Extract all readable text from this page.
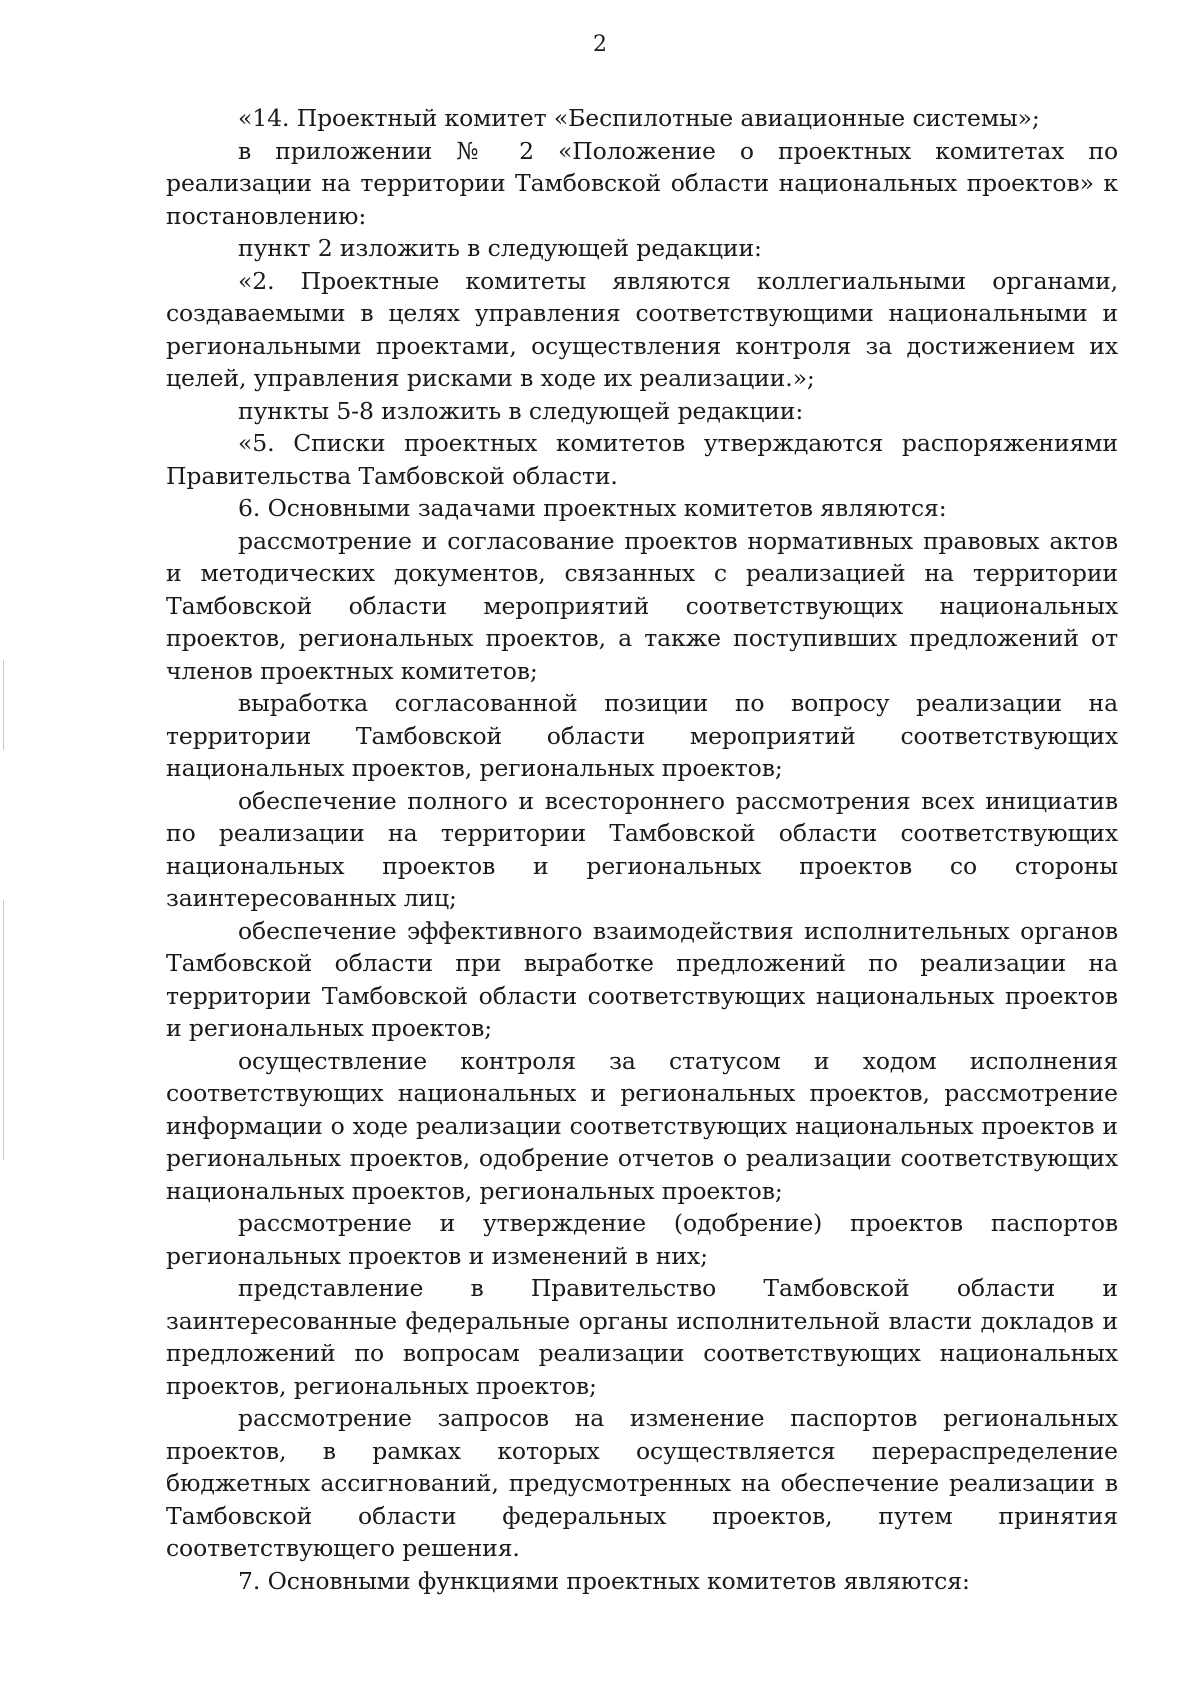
2

«14. Проектный комитет «Беспилотные авиационные системы»;

в приложении № 2 «Положение о проектных комитетах по реализации на территории Тамбовской области национальных проектов» к постановлению:

пункт 2 изложить в следующей редакции:

«2. Проектные комитеты являются коллегиальными органами, создаваемыми в целях управления соответствующими национальными и региональными проектами, осуществления контроля за достижением их целей, управления рисками в ходе их реализации.»;

пункты 5-8 изложить в следующей редакции:

«5. Списки проектных комитетов утверждаются распоряжениями Правительства Тамбовской области.

6. Основными задачами проектных комитетов являются:

рассмотрение и согласование проектов нормативных правовых актов и методических документов, связанных с реализацией на территории Тамбовской области мероприятий соответствующих национальных проектов, региональных проектов, а также поступивших предложений от членов проектных комитетов;

выработка согласованной позиции по вопросу реализации на территории Тамбовской области мероприятий соответствующих национальных проектов, региональных проектов;

обеспечение полного и всестороннего рассмотрения всех инициатив по реализации на территории Тамбовской области соответствующих национальных проектов и региональных проектов со стороны заинтересованных лиц;

обеспечение эффективного взаимодействия исполнительных органов Тамбовской области при выработке предложений по реализации на территории Тамбовской области соответствующих национальных проектов и региональных проектов;

осуществление контроля за статусом и ходом исполнения соответствующих национальных и региональных проектов, рассмотрение информации о ходе реализации соответствующих национальных проектов и региональных проектов, одобрение отчетов о реализации соответствующих национальных проектов, региональных проектов;

рассмотрение и утверждение (одобрение) проектов паспортов региональных проектов и изменений в них;

представление в Правительство Тамбовской области и заинтересованные федеральные органы исполнительной власти докладов и предложений по вопросам реализации соответствующих национальных проектов, региональных проектов;

рассмотрение запросов на изменение паспортов региональных проектов, в рамках которых осуществляется перераспределение бюджетных ассигнований, предусмотренных на обеспечение реализации в Тамбовской области федеральных проектов, путем принятия соответствующего решения.

7. Основными функциями проектных комитетов являются:
